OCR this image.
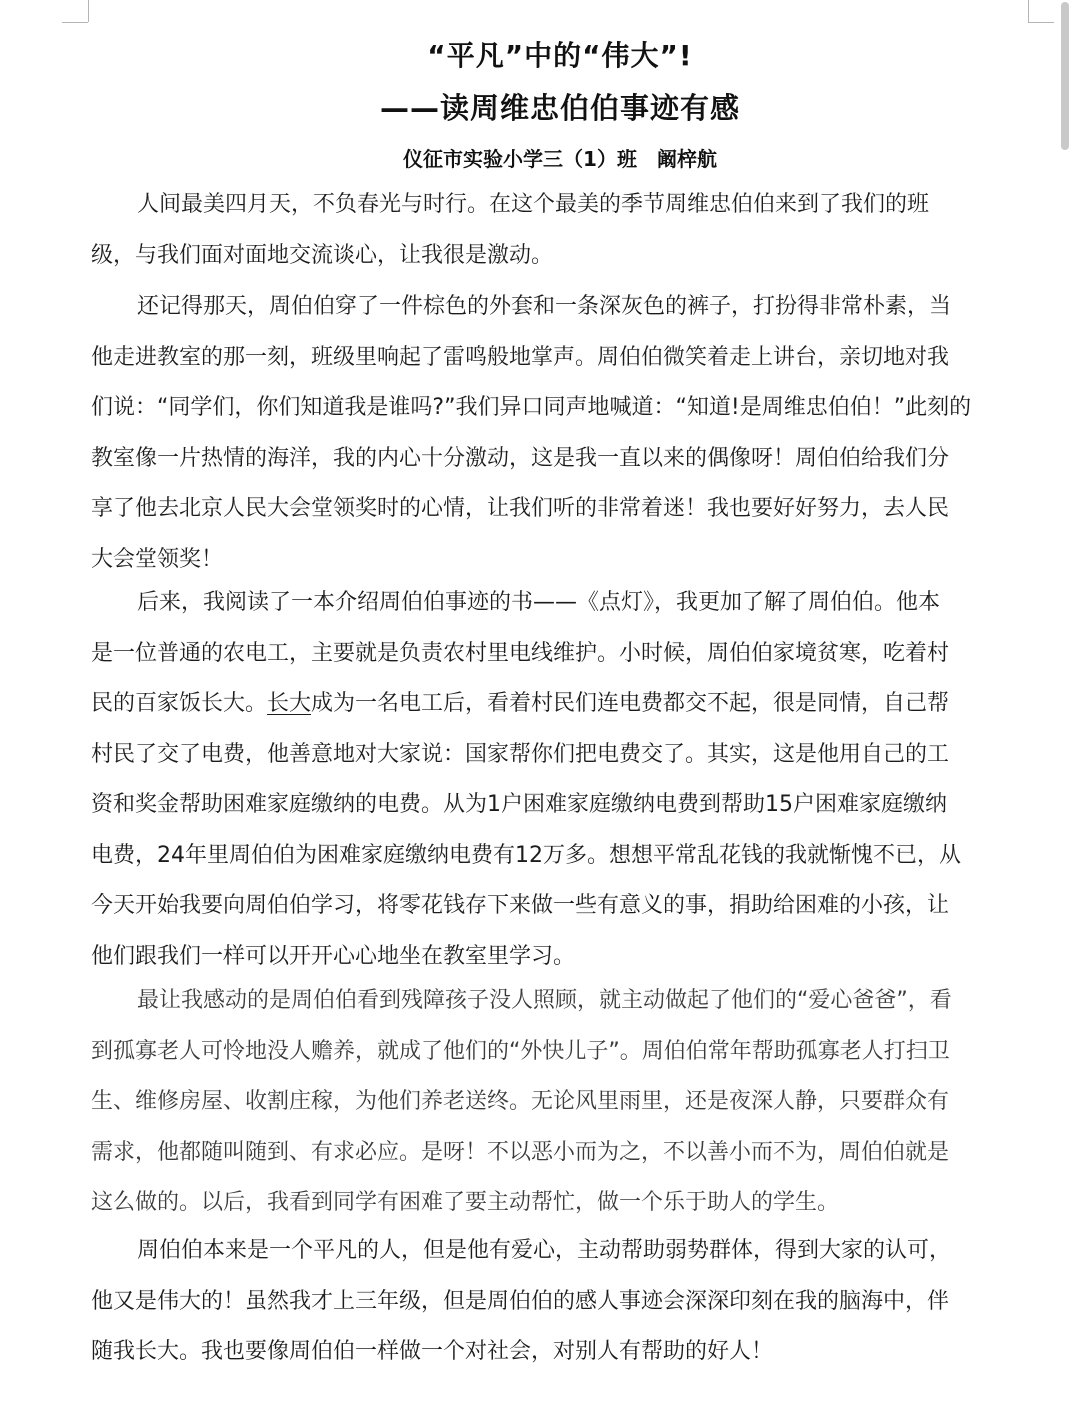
“平凡”中的“伟大”!
——读周维忠伯伯事迹有感
仪征市实验小学三（1）班　阚梓航
人间最美四月天，不负春光与时行。在这个最美的季节周维忠伯伯来到了我们的班
级，与我们面对面地交流谈心，让我很是激动。
还记得那天，周伯伯穿了一件棕色的外套和一条深灰色的裤子，打扮得非常朴素，当
他走进教室的那一刻，班级里响起了雷鸣般地掌声。周伯伯微笑着走上讲台，亲切地对我
们说：“同学们，你们知道我是谁吗?”我们异口同声地喊道：“知道!是周维忠伯伯！”此刻的
教室像一片热情的海洋，我的内心十分激动，这是我一直以来的偶像呀！周伯伯给我们分
享了他去北京人民大会堂领奖时的心情，让我们听的非常着迷！我也要好好努力，去人民
大会堂领奖！
后来，我阅读了一本介绍周伯伯事迹的书——《点灯》，我更加了解了周伯伯。他本
是一位普通的农电工，主要就是负责农村里电线维护。小时候，周伯伯家境贫寒，吃着村
民的百家饭长大。长大成为一名电工后，看着村民们连电费都交不起，很是同情，自己帮
村民了交了电费，他善意地对大家说：国家帮你们把电费交了。其实，这是他用自己的工
资和奖金帮助困难家庭缴纳的电费。从为1户困难家庭缴纳电费到帮助15户困难家庭缴纳
电费，24年里周伯伯为困难家庭缴纳电费有12万多。想想平常乱花钱的我就惭愧不已，从
今天开始我要向周伯伯学习，将零花钱存下来做一些有意义的事，捐助给困难的小孩，让
他们跟我们一样可以开开心心地坐在教室里学习。
最让我感动的是周伯伯看到残障孩子没人照顾，就主动做起了他们的“爱心爸爸”，看
到孤寡老人可怜地没人赡养，就成了他们的“外快儿子”。周伯伯常年帮助孤寡老人打扫卫
生、维修房屋、收割庄稼，为他们养老送终。无论风里雨里，还是夜深人静，只要群众有
需求，他都随叫随到、有求必应。是呀！不以恶小而为之，不以善小而不为，周伯伯就是
这么做的。以后，我看到同学有困难了要主动帮忙，做一个乐于助人的学生。
周伯伯本来是一个平凡的人，但是他有爱心，主动帮助弱势群体，得到大家的认可，
他又是伟大的！虽然我才上三年级，但是周伯伯的感人事迹会深深印刻在我的脑海中，伴
随我长大。我也要像周伯伯一样做一个对社会，对别人有帮助的好人！
